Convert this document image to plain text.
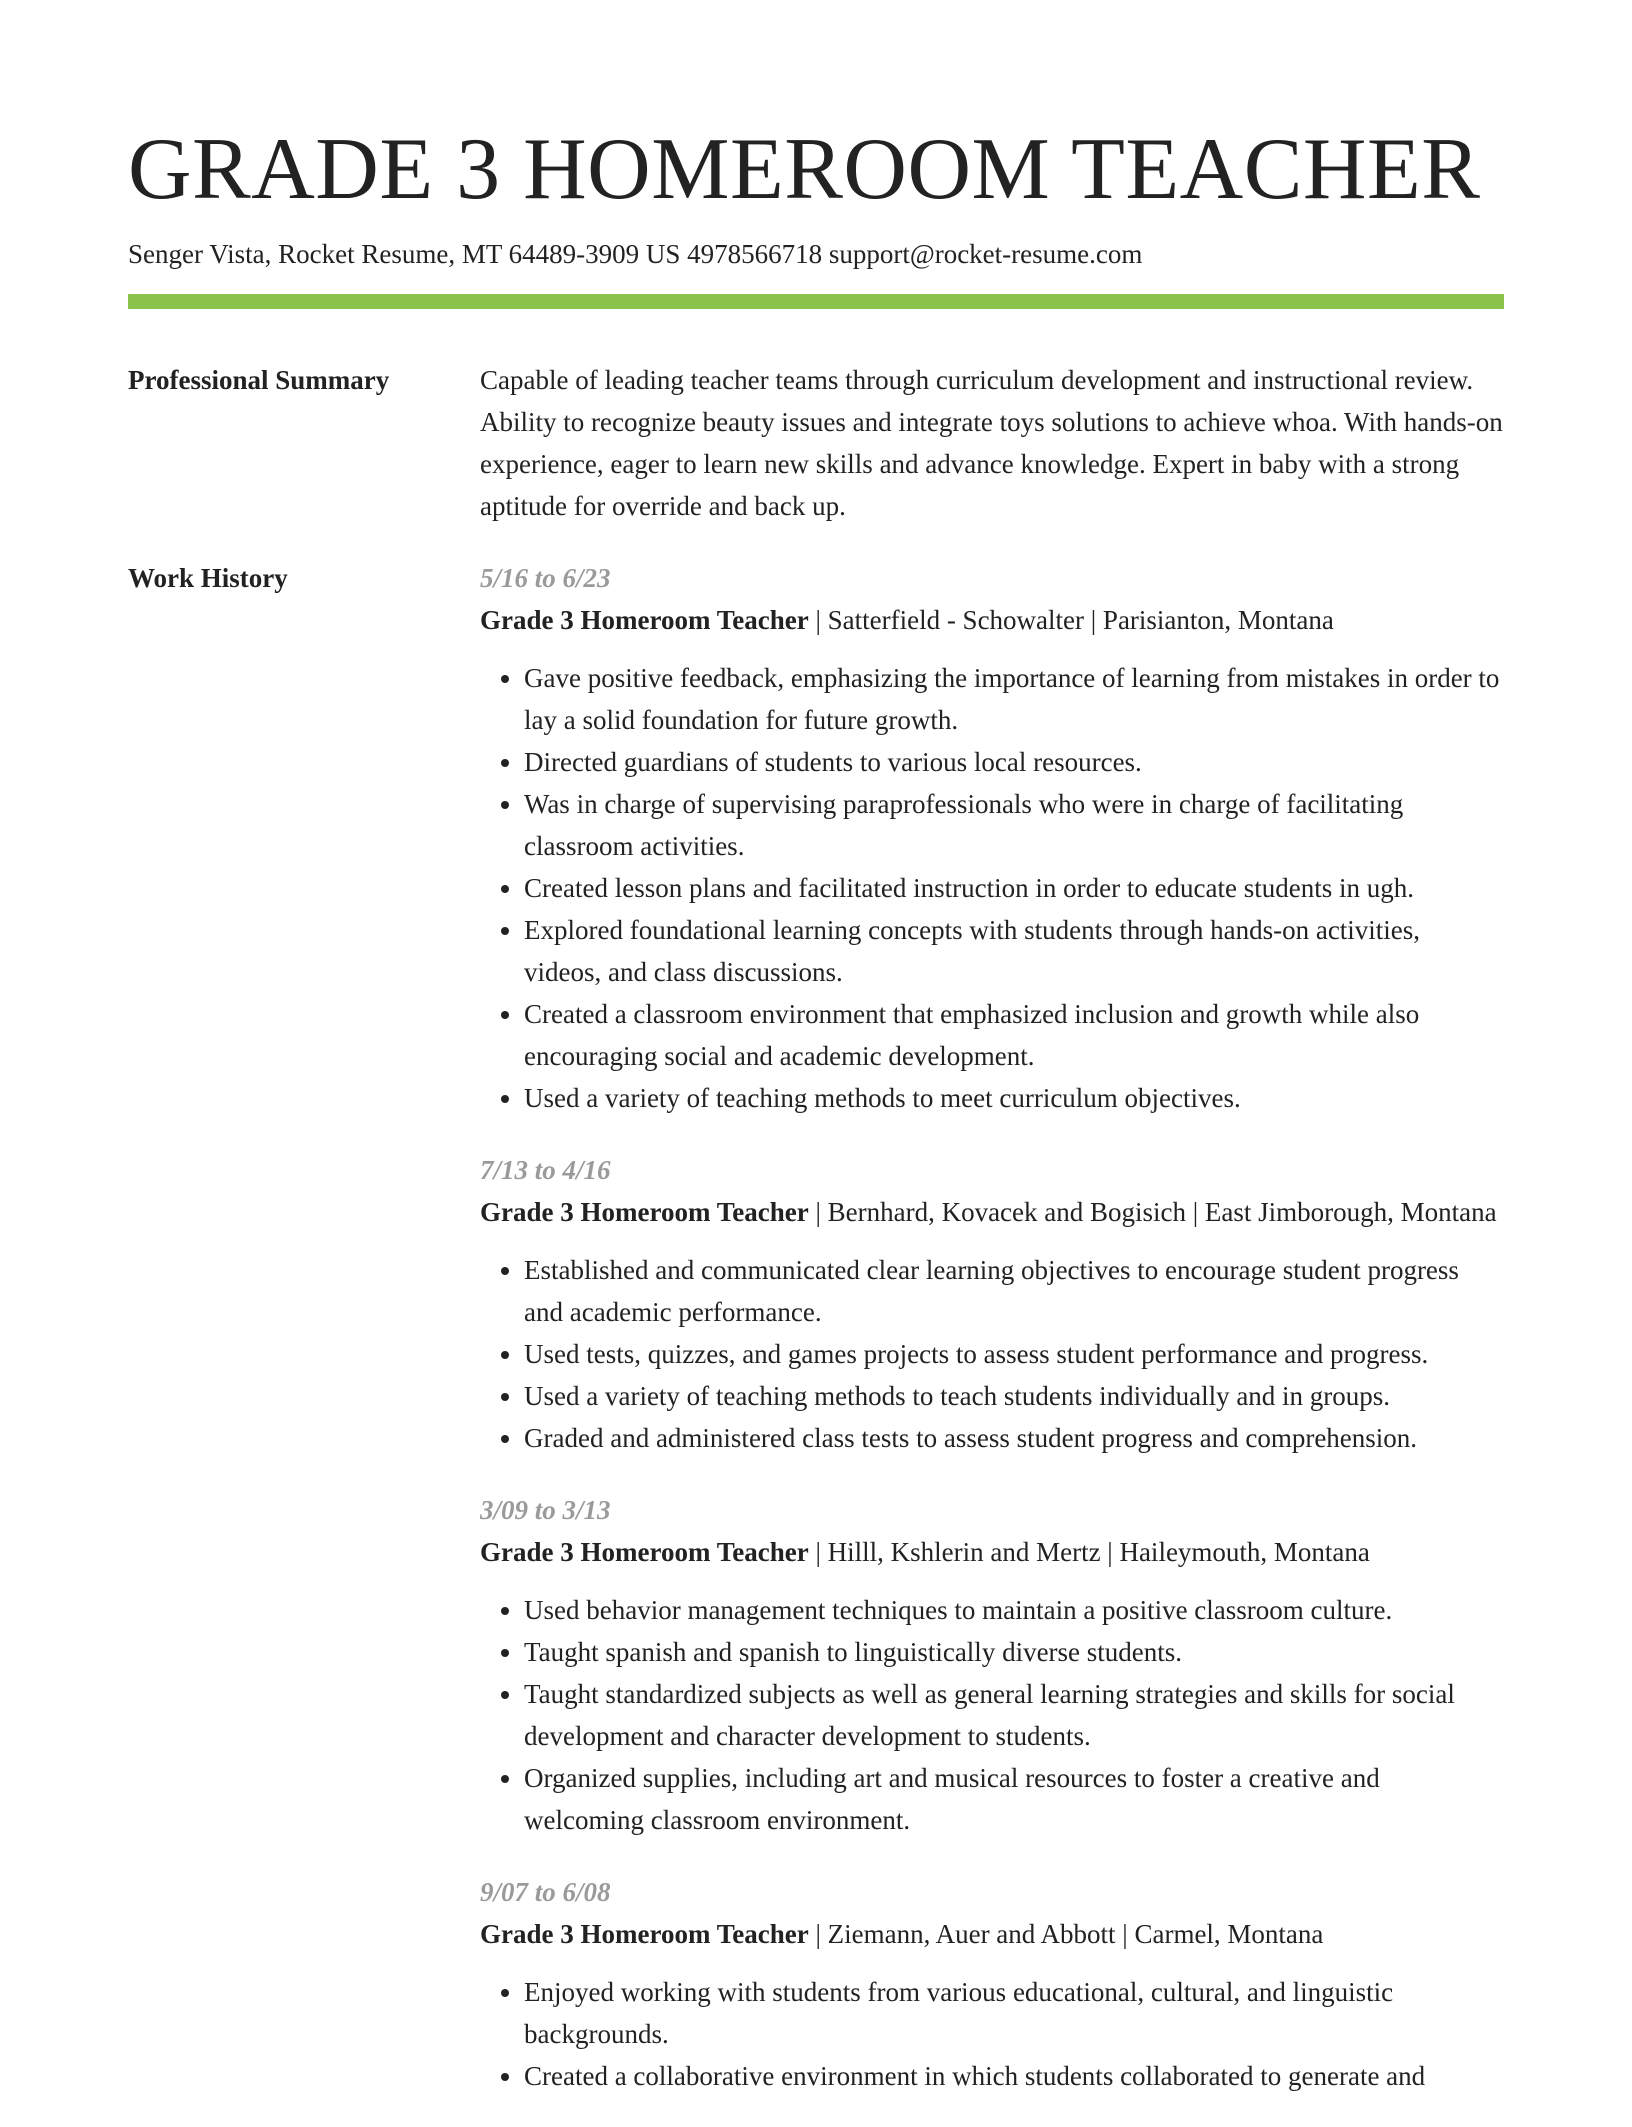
GRADE 3 HOMEROOM TEACHER
Senger Vista, Rocket Resume, MT 64489-3909 US 4978566718 support@rocket-resume.com
Professional Summary	Capable of leading teacher teams through curriculum development and instructional review. Ability to recognize beauty issues and integrate toys solutions to achieve whoa. With hands-on experience, eager to learn new skills and advance knowledge. Expert in baby with a strong aptitude for override and back up.

Work History	5/16 to 6/23
Grade 3 Homeroom Teacher | Satterfield - Schowalter | Parisianton, Montana
• Gave positive feedback, emphasizing the importance of learning from mistakes in order to lay a solid foundation for future growth.
• Directed guardians of students to various local resources.
• Was in charge of supervising paraprofessionals who were in charge of facilitating classroom activities.
• Created lesson plans and facilitated instruction in order to educate students in ugh.
• Explored foundational learning concepts with students through hands-on activities, videos, and class discussions.
• Created a classroom environment that emphasized inclusion and growth while also encouraging social and academic development.
• Used a variety of teaching methods to meet curriculum objectives.
7/13 to 4/16
Grade 3 Homeroom Teacher | Bernhard, Kovacek and Bogisich | East Jimborough, Montana
• Established and communicated clear learning objectives to encourage student progress and academic performance.
• Used tests, quizzes, and games projects to assess student performance and progress.
• Used a variety of teaching methods to teach students individually and in groups.
• Graded and administered class tests to assess student progress and comprehension.
3/09 to 3/13
Grade 3 Homeroom Teacher | Hilll, Kshlerin and Mertz | Haileymouth, Montana
• Used behavior management techniques to maintain a positive classroom culture.
• Taught spanish and spanish to linguistically diverse students.
• Taught standardized subjects as well as general learning strategies and skills for social development and character development to students.
• Organized supplies, including art and musical resources to foster a creative and welcoming classroom environment.
9/07 to 6/08
Grade 3 Homeroom Teacher | Ziemann, Auer and Abbott | Carmel, Montana
• Enjoyed working with students from various educational, cultural, and linguistic backgrounds.
• Created a collaborative environment in which students collaborated to generate and
